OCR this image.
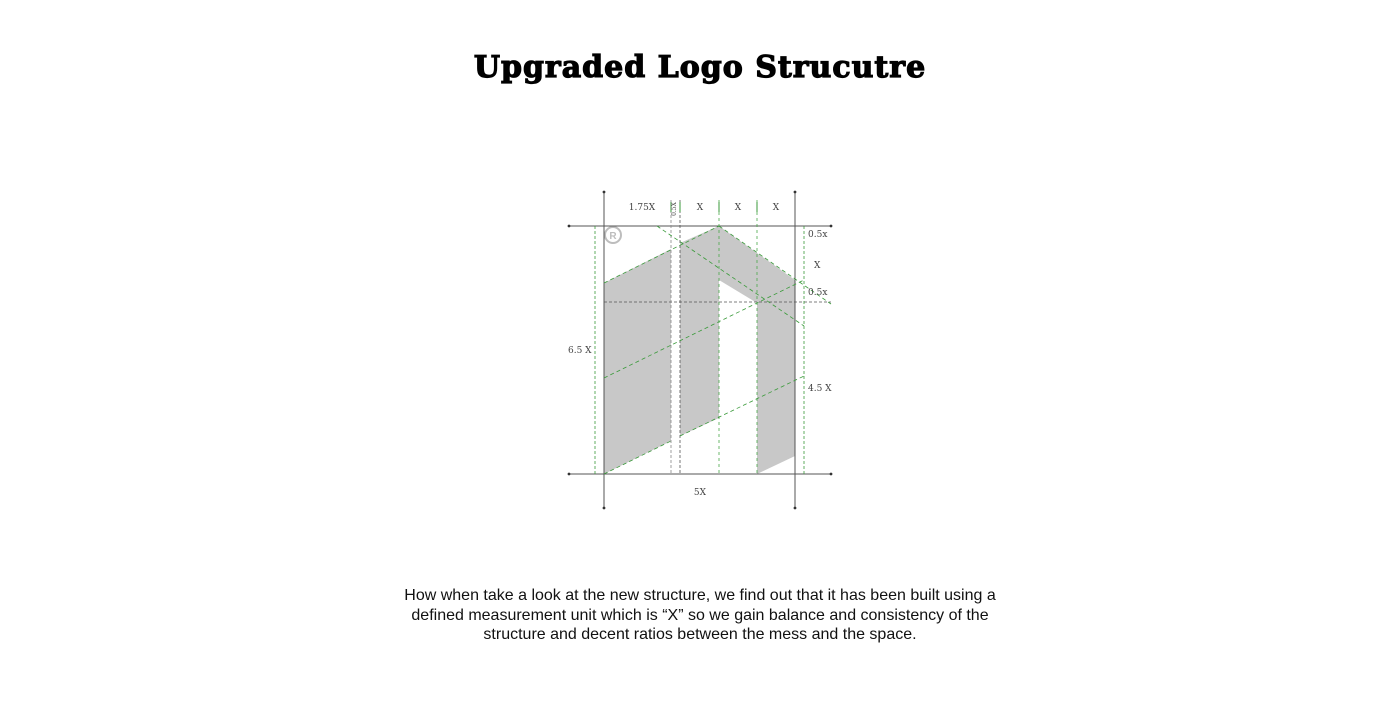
Upgraded Logo Strucutre
R
1.75X	0.5X X	X	X
0.5x
X
0.5x
4.5 X
6.5 X
5X
How when take a look at the new structure, we find out that it has been built using a
defined measurement unit which is “X” so we gain balance and consistency of the
structure and decent ratios between the mess and the space.
